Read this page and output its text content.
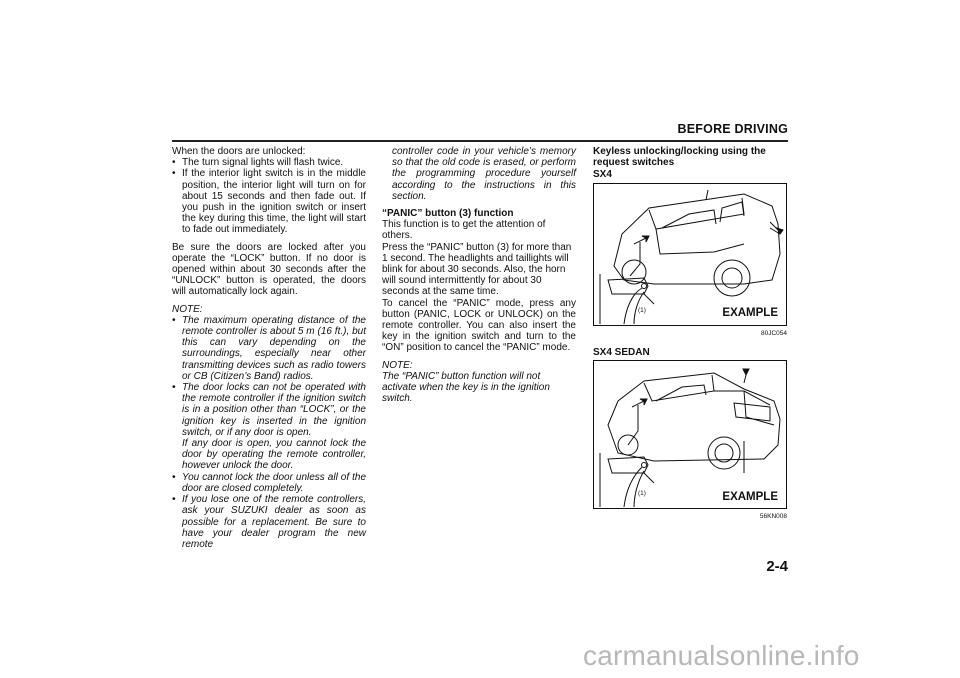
BEFORE DRIVING

When the doors are unlocked:

• The turn signal lights will flash twice.
• If the interior light switch is in the middle position, the interior light will turn on for about 15 seconds and then fade out. If you push in the ignition switch or insert the key during this time, the light will start to fade out immediately.

Be sure the doors are locked after you operate the “LOCK” button. If no door is opened within about 30 seconds after the “UNLOCK” button is operated, the doors will automatically lock again.

NOTE:

• The maximum operating distance of the remote controller is about 5 m (16 ft.), but this can vary depending on the surroundings, especially near other transmitting devices such as radio towers or CB (Citizen’s Band) radios.
• The door locks can not be operated with the remote controller if the ignition switch is in a position other than “LOCK”, or the ignition key is inserted in the ignition switch, or if any door is open.
If any door is open, you cannot lock the door by operating the remote controller, however unlock the door.
• You cannot lock the door unless all of the door are closed completely.
• If you lose one of the remote controllers, ask your SUZUKI dealer as soon as possible for a replacement. Be sure to have your dealer program the new remote

controller code in your vehicle’s memory so that the old code is erased, or perform the programming procedure yourself according to the instructions in this section.

“PANIC” button (3) function

This function is to get the attention of others.

Press the “PANIC” button (3) for more than 1 second. The headlights and taillights will blink for about 30 seconds. Also, the horn will sound intermittently for about 30 seconds at the same time.

To cancel the “PANIC” mode, press any button (PANIC, LOCK or UNLOCK) on the remote controller. You can also insert the key in the ignition switch and turn to the “ON” position to cancel the “PANIC” mode.

NOTE:

The “PANIC” button function will not activate when the key is in the ignition switch.

Keyless unlocking/locking using the request switches

SX4

(1)	EXAMPLE
80JC054

SX4 SEDAN

(1)	EXAMPLE
56KN008
2-4
carmanualsonline.info
